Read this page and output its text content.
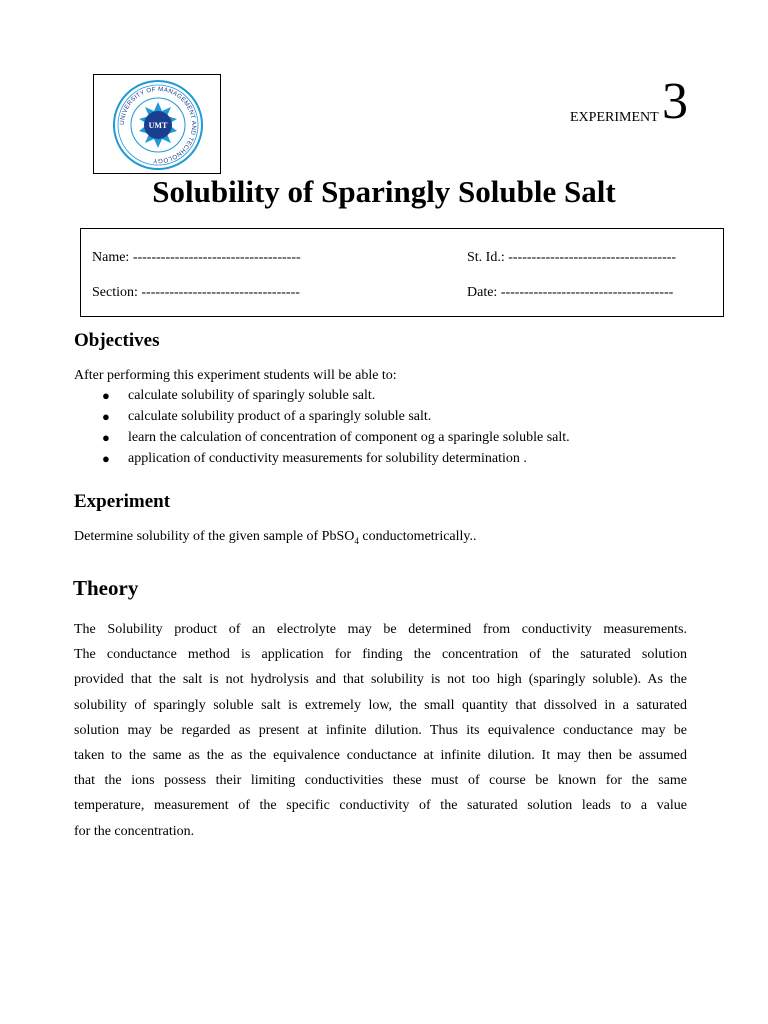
UNIVERSITY OF MANAGEMENT AND TECHNOLOGY
UMT
EXPERIMENT 3
Solubility of Sparingly Soluble Salt
Name: ------------------------------------	St. Id.: ------------------------------------
Section: ----------------------------------	Date: -------------------------------------
Objectives
After performing this experiment students will be able to:
● calculate solubility of sparingly soluble salt.
● calculate solubility product of a sparingly soluble salt.
● learn the calculation of concentration of component og a sparingle soluble salt.
● application of conductivity measurements for solubility determination .
Experiment
Determine solubility of the given sample of PbSO$_4$ conductometrically..
Theory
The Solubility product of an electrolyte may be determined from conductivity measurements.
The conductance method is application for finding the concentration of the saturated solution
provided that the salt is not hydrolysis and that solubility is not too high (sparingly soluble). As the
solubility of sparingly soluble salt is extremely low, the small quantity that dissolved in a saturated
solution may be regarded as present at infinite dilution. Thus its equivalence conductance may be
taken to the same as the as the equivalence conductance at infinite dilution. It may then be assumed
that the ions possess their limiting conductivities these must of course be known for the same
temperature, measurement of the specific conductivity of the saturated solution leads to a value
for the concentration.
